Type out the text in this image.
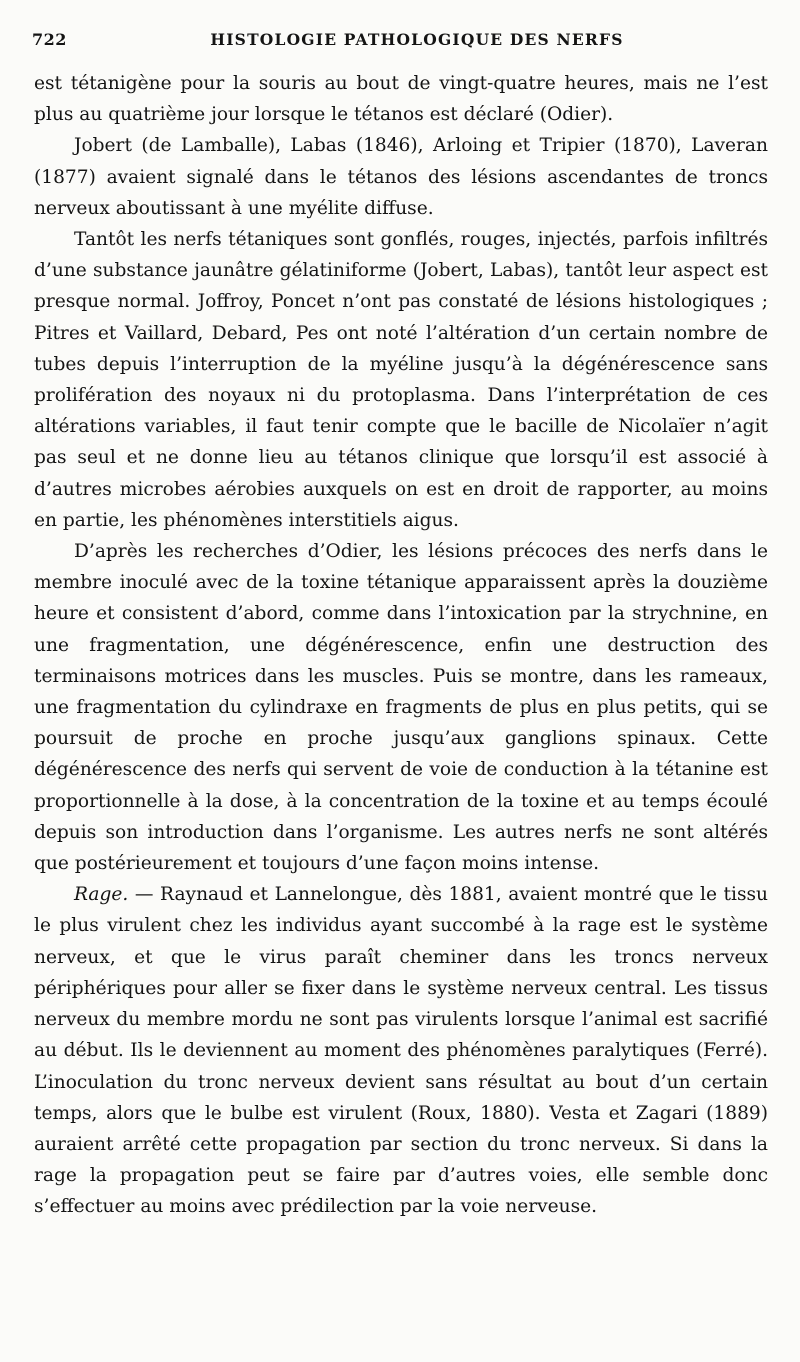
722	HISTOLOGIE PATHOLOGIQUE DES NERFS

est tétanigène pour la souris au bout de vingt-quatre heures, mais ne l’est plus au quatrième jour lorsque le tétanos est déclaré (Odier).

Jobert (de Lamballe), Labas (1846), Arloing et Tripier (1870), Laveran (1877) avaient signalé dans le tétanos des lésions ascendantes de troncs nerveux aboutissant à une myélite diffuse.

Tantôt les nerfs tétaniques sont gonflés, rouges, injectés, parfois infiltrés d’une substance jaunâtre gélatiniforme (Jobert, Labas), tantôt leur aspect est presque normal. Joffroy, Poncet n’ont pas constaté de lésions histologiques ; Pitres et Vaillard, Debard, Pes ont noté l’altération d’un certain nombre de tubes depuis l’interruption de la myéline jusqu’à la dégénérescence sans prolifération des noyaux ni du protoplasma. Dans l’interprétation de ces altérations variables, il faut tenir compte que le bacille de Nicolaïer n’agit pas seul et ne donne lieu au tétanos clinique que lorsqu’il est associé à d’autres microbes aérobies auxquels on est en droit de rapporter, au moins en partie, les phénomènes interstitiels aigus.

D’après les recherches d’Odier, les lésions précoces des nerfs dans le membre inoculé avec de la toxine tétanique apparaissent après la douzième heure et consistent d’abord, comme dans l’intoxication par la strychnine, en une fragmentation, une dégénérescence, enfin une destruction des terminaisons motrices dans les muscles. Puis se montre, dans les rameaux, une fragmentation du cylindraxe en fragments de plus en plus petits, qui se poursuit de proche en proche jusqu’aux ganglions spinaux. Cette dégénérescence des nerfs qui servent de voie de conduction à la tétanine est proportionnelle à la dose, à la concentration de la toxine et au temps écoulé depuis son introduction dans l’organisme. Les autres nerfs ne sont altérés que postérieurement et toujours d’une façon moins intense.

Rage. — Raynaud et Lannelongue, dès 1881, avaient montré que le tissu le plus virulent chez les individus ayant succombé à la rage est le système nerveux, et que le virus paraît cheminer dans les troncs nerveux périphériques pour aller se fixer dans le système nerveux central. Les tissus nerveux du membre mordu ne sont pas virulents lorsque l’animal est sacrifié au début. Ils le deviennent au moment des phénomènes paralytiques (Ferré). L’inoculation du tronc nerveux devient sans résultat au bout d’un certain temps, alors que le bulbe est virulent (Roux, 1880). Vesta et Zagari (1889) auraient arrêté cette propagation par section du tronc nerveux. Si dans la rage la propagation peut se faire par d’autres voies, elle semble donc s’effectuer au moins avec prédilection par la voie nerveuse.
